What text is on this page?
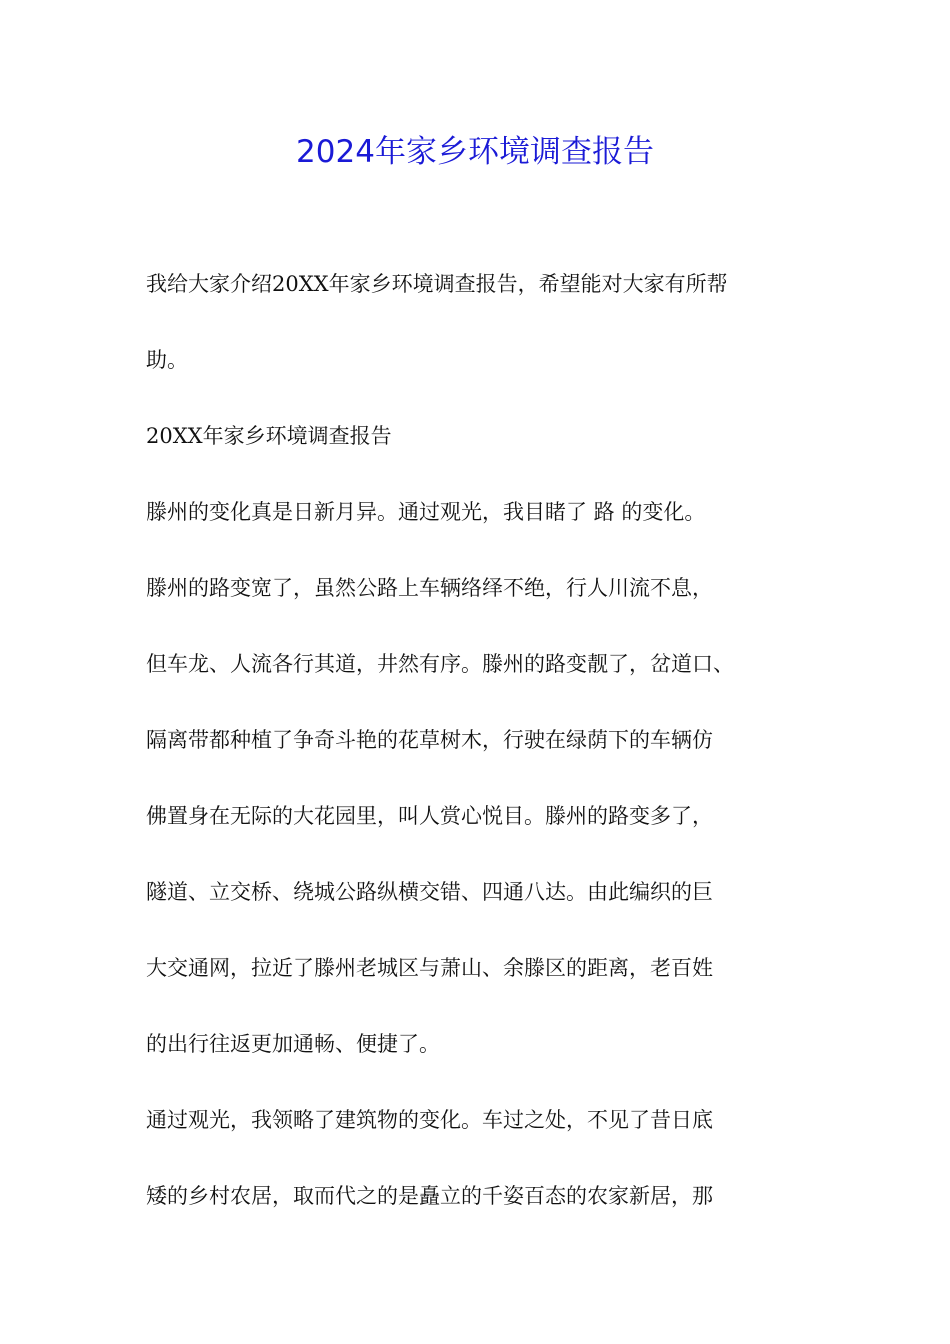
2024年家乡环境调查报告
我给大家介绍20XX年家乡环境调查报告，希望能对大家有所帮
助。
20XX年家乡环境调查报告
滕州的变化真是日新月异。通过观光，我目睹了 路 的变化。
滕州的路变宽了，虽然公路上车辆络绎不绝，行人川流不息，
但车龙、人流各行其道，井然有序。滕州的路变靓了，岔道口、
隔离带都种植了争奇斗艳的花草树木，行驶在绿荫下的车辆仿
佛置身在无际的大花园里，叫人赏心悦目。滕州的路变多了，
隧道、立交桥、绕城公路纵横交错、四通八达。由此编织的巨
大交通网，拉近了滕州老城区与萧山、余滕区的距离，老百姓
的出行往返更加通畅、便捷了。
通过观光，我领略了建筑物的变化。车过之处，不见了昔日底
矮的乡村农居，取而代之的是矗立的千姿百态的农家新居，那
